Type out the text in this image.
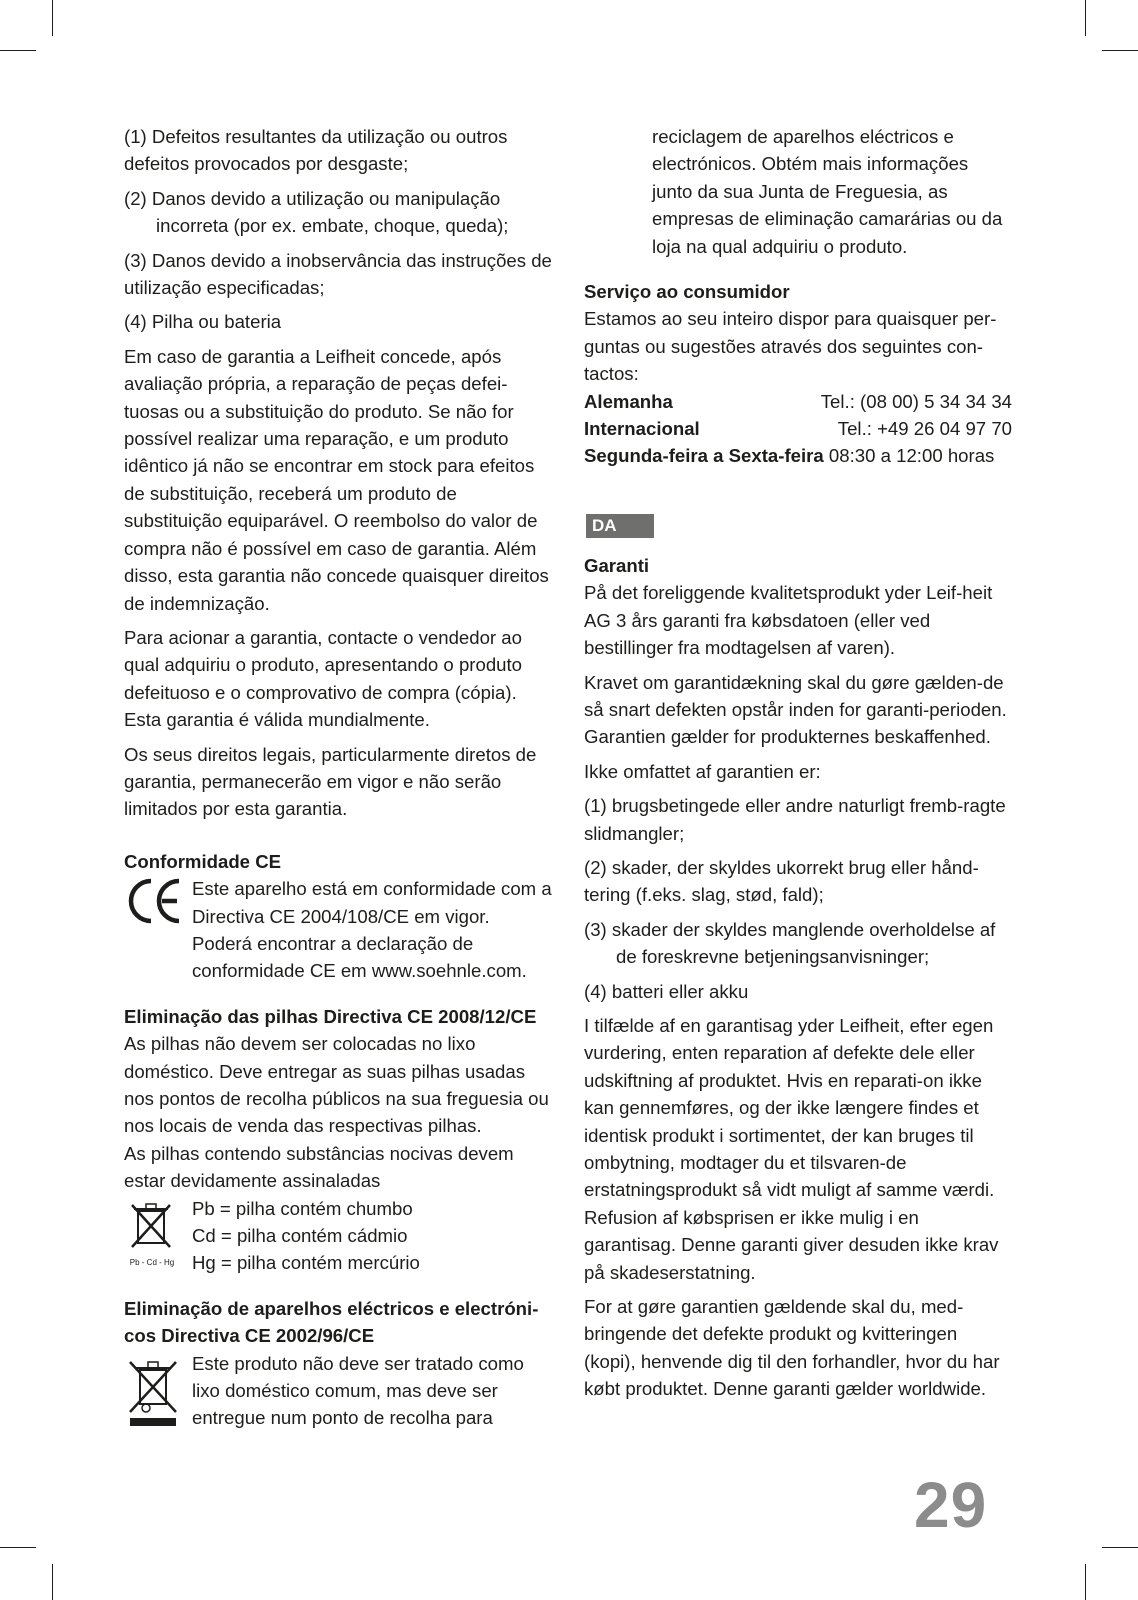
(1) Defeitos resultantes da utilização ou outros defeitos provocados por desgaste;

(2) Danos devido a utilização ou manipulação incorreta (por ex. embate, choque, queda);

(3) Danos devido a inobservância das instruções de utilização especificadas;

(4) Pilha ou bateria

Em caso de garantia a Leifheit concede, após avaliação própria, a reparação de peças defei-tuosas ou a substituição do produto. Se não for possível realizar uma reparação, e um produto idêntico já não se encontrar em stock para efeitos de substituição, receberá um produto de substituição equiparável. O reembolso do valor de compra não é possível em caso de garantia. Além disso, esta garantia não concede quaisquer direitos de indemnização.

Para acionar a garantia, contacte o vendedor ao qual adquiriu o produto, apresentando o produto defeituoso e o comprovativo de compra (cópia). Esta garantia é válida mundialmente.

Os seus direitos legais, particularmente diretos de garantia, permanecerão em vigor e não serão limitados por esta garantia.

Conformidade CE

Este aparelho está em conformidade com a Directiva CE 2004/108/CE em vigor. Poderá encontrar a declaração de conformidade CE em www.soehnle.com.

Eliminação das pilhas Directiva CE 2008/12/CE

As pilhas não devem ser colocadas no lixo doméstico. Deve entregar as suas pilhas usadas nos pontos de recolha públicos na sua freguesia ou nos locais de venda das respectivas pilhas.

As pilhas contendo substâncias nocivas devem estar devidamente assinaladas

Pb - Cd - Hg
Pb = pilha contém chumbo
Cd = pilha contém cádmio
Hg = pilha contém mercúrio

Eliminação de aparelhos eléctricos e electróni-cos Directiva CE 2002/96/CE

Este produto não deve ser tratado como lixo doméstico comum, mas deve ser entregue num ponto de recolha para
reciclagem de aparelhos eléctricos e electrónicos. Obtém mais informações junto da sua Junta de Freguesia, as empresas de eliminação camarárias ou da loja na qual adquiriu o produto.

Serviço ao consumidor

Estamos ao seu inteiro dispor para quaisquer per-guntas ou sugestões através dos seguintes con-tactos:

Alemanha	Tel.: (08 00) 5 34 34 34
Internacional	Tel.: +49 26 04 97 70
Segunda-feira a Sexta-feira 08:30 a 12:00 horas
DA

Garanti

På det foreliggende kvalitetsprodukt yder Leif-heit AG 3 års garanti fra købsdatoen (eller ved bestillinger fra modtagelsen af varen).

Kravet om garantidækning skal du gøre gælden-de så snart defekten opstår inden for garanti-perioden. Garantien gælder for produkternes beskaffenhed.

Ikke omfattet af garantien er:

(1) brugsbetingede eller andre naturligt fremb-ragte slidmangler;

(2) skader, der skyldes ukorrekt brug eller hånd-tering (f.eks. slag, stød, fald);

(3) skader der skyldes manglende overholdelse af de foreskrevne betjeningsanvisninger;

(4) batteri eller akku

I tilfælde af en garantisag yder Leifheit, efter egen vurdering, enten reparation af defekte dele eller udskiftning af produktet. Hvis en reparati-on ikke kan gennemføres, og der ikke længere findes et identisk produkt i sortimentet, der kan bruges til ombytning, modtager du et tilsvaren-de erstatningsprodukt så vidt muligt af samme værdi. Refusion af købsprisen er ikke mulig i en garantisag. Denne garanti giver desuden ikke krav på skadeserstatning.

For at gøre garantien gældende skal du, med-bringende det defekte produkt og kvitteringen (kopi), henvende dig til den forhandler, hvor du har købt produktet. Denne garanti gælder worldwide.

29
